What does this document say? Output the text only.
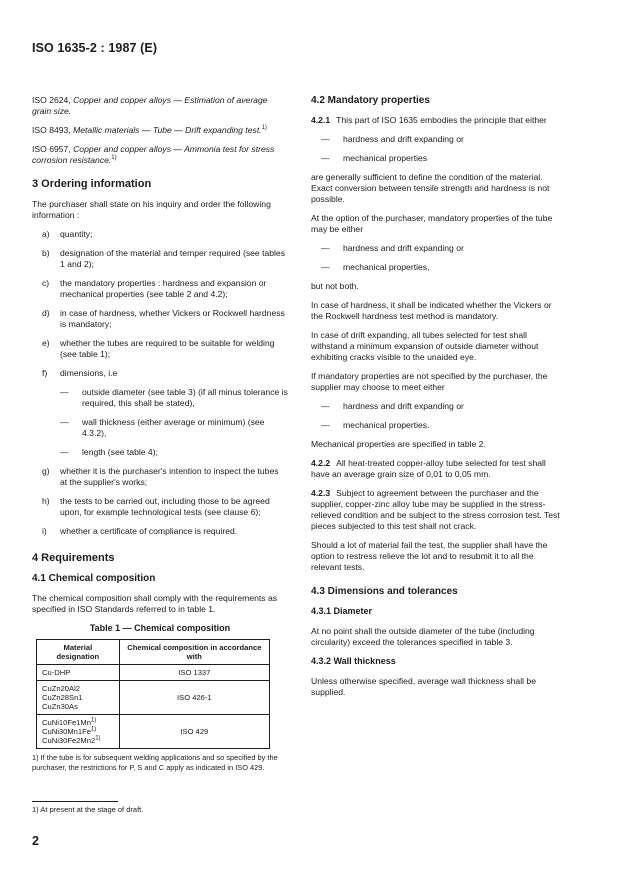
ISO 1635-2 : 1987 (E)

ISO 2624, Copper and copper alloys — Estimation of average grain size.

ISO 8493, Metallic materials — Tube — Drift expanding test.$^{1)}$

ISO 6957, Copper and copper alloys — Ammonia test for stress corrosion resistance.$^{1)}$

3 Ordering information

The purchaser shall state on his inquiry and order the following information :

a)	quantity;
b)	designation of the material and temper required (see tables 1 and 2);
c)	the mandatory properties : hardness and expansion or mechanical properties (see table 2 and 4.2);
d)	in case of hardness, whether Vickers or Rockwell hardness is mandatory;
e)	whether the tubes are required to be suitable for welding (see table 1);
f)	dimensions, i.e
—	outside diameter (see table 3) (if all minus tolerance is required, this shall be stated),
—	wall thickness (either average or minimum) (see 4.3.2),
—	length (see table 4);
g)	whether it is the purchaser's intention to inspect the tubes at the supplier's works;
h)	the tests to be carried out, including those to be agreed upon, for example technological tests (see clause 6);
i)	whether a certificate of compliance is required.
4 Requirements
4.1 Chemical composition

The chemical composition shall comply with the requirements as specified in ISO Standards referred to in table 1.

Table 1 — Chemical composition
Material designation	Chemical composition in accordance with
Cu-DHP	ISO 1337

CuZn20Al2
CuZn28Sn1
CuZn30As	ISO 426-1

CuNi10Fe1Mn$^{1)}$
CuNi30Mn1Fe$^{1)}$
CuNi30Fe2Mn2$^{1)}$	ISO 429
1) If the tube is for subsequent welding applications and so specified by the purchaser, the restrictions for P, S and C apply as indicated in ISO 429.
4.2 Mandatory properties

4.2.1 This part of ISO 1635 embodies the principle that either

—	hardness and drift expanding or
—	mechanical properties

are generally sufficient to define the condition of the material. Exact conversion between tensile strength and hardness is not possible.

At the option of the purchaser, mandatory properties of the tube may be either

—	hardness and drift expanding or
—	mechanical properties,

but not both.

In case of hardness, it shall be indicated whether the Vickers or the Rockwell hardness test method is mandatory.

In case of drift expanding, all tubes selected for test shall withstand a minimum expansion of outside diameter without exhibiting cracks visible to the unaided eye.

If mandatory properties are not specified by the purchaser, the supplier may choose to meet either

—	hardness and drift expanding or
—	mechanical properties.

Mechanical properties are specified in table 2.

4.2.2 All heat-treated copper-alloy tube selected for test shall have an average grain size of 0,01 to 0,05 mm.

4.2.3 Subject to agreement between the purchaser and the supplier, copper-zinc alloy tube may be supplied in the stress-relieved condition and be subject to the stress corrosion test. Test pieces subjected to this test shall not crack.

Should a lot of material fail the test, the supplier shall have the option to restress relieve the lot and to resubmit it to all the relevant tests.

4.3 Dimensions and tolerances
4.3.1 Diameter

At no point shall the outside diameter of the tube (including circularity) exceed the tolerances specified in table 3.

4.3.2 Wall thickness

Unless otherwise specified, average wall thickness shall be supplied.

1) At present at the stage of draft.
2
